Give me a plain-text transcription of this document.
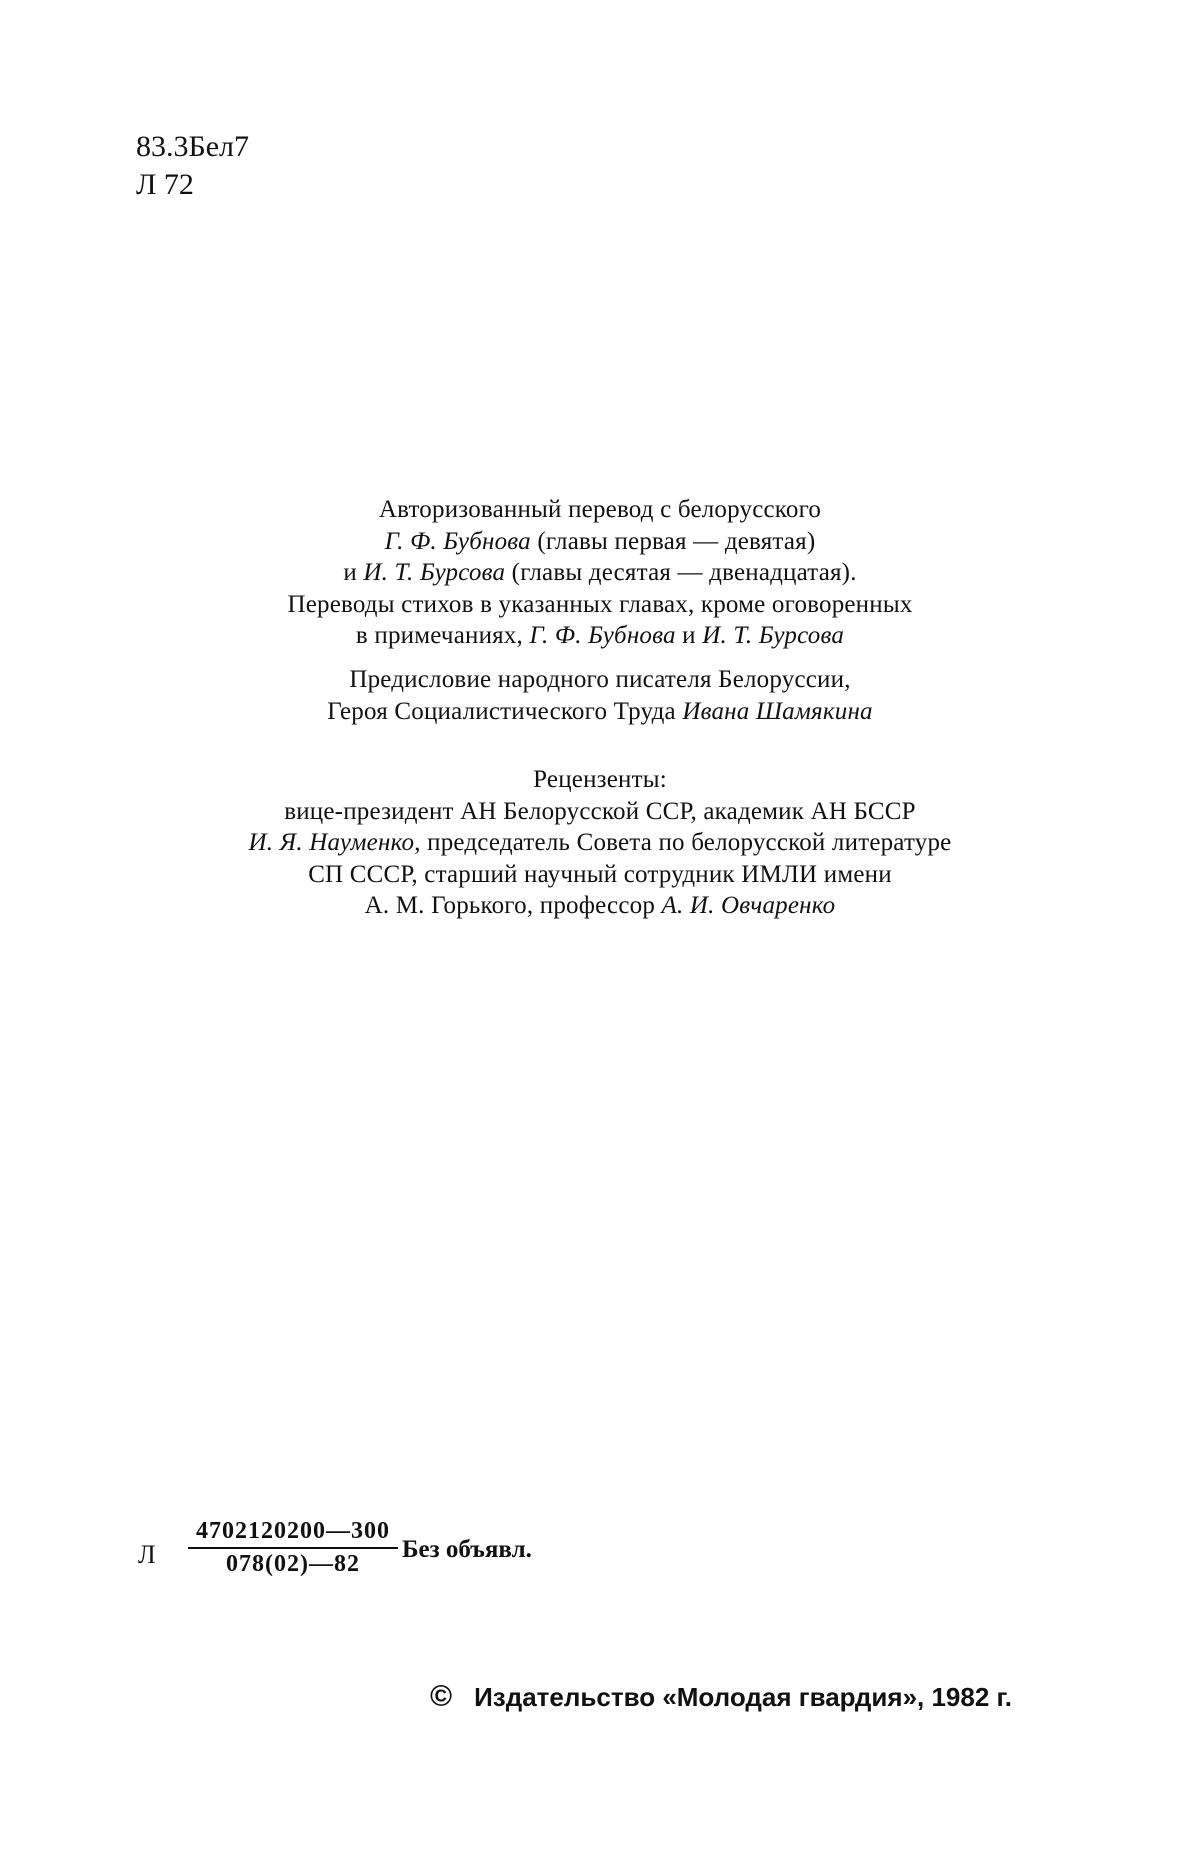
83.3Бел7
Л 72
Авторизованный перевод с белорусского
Г. Ф. Бубнова (главы первая — девятая)
и И. Т. Бурсова (главы десятая — двенадцатая).
Переводы стихов в указанных главах, кроме оговоренных
в примечаниях, Г. Ф. Бубнова и И. Т. Бурсова
Предисловие народного писателя Белоруссии,
Героя Социалистического Труда Ивана Шамякина
Рецензенты:
вице-президент АН Белорусской ССР, академик АН БССР
И. Я. Науменко, председатель Совета по белорусской литературе
СП СССР, старший научный сотрудник ИМЛИ имени
А. М. Горького, профессор А. И. Овчаренко
Л $\frac{4702120200—300}{078(02)—82}$ Без объявл.
© Издательство «Молодая гвардия», 1982 г.
